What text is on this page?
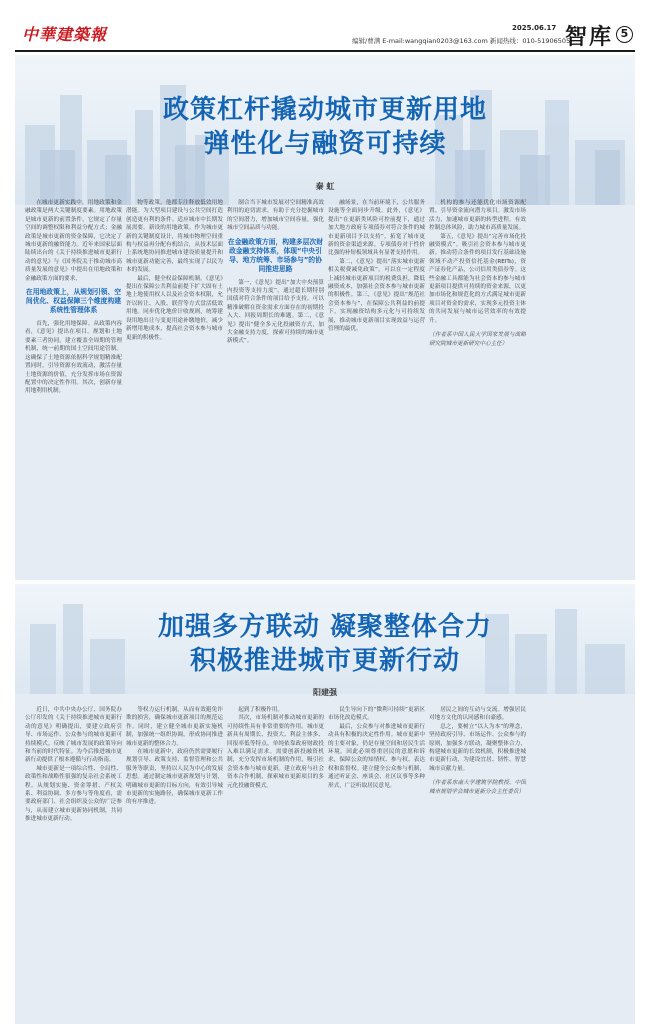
中華建築報	2025.06.17
编辑/曹满 E-mail:wangqian0203@163.com 新闻热线：010-51906505
智库 5
政策杠杆撬动城市更新用地
弹性化与融资可持续
秦 虹

在城市更新实践中，用地政策和金融政策是两大关键制度要素。用地政策是城市更新的前置条件，它规定了存量空间的调整权限和利益分配方式；金融政策是城市更新的资金保障，它决定了城市更新的融资能力。近年来国家层面陆续出台的《关于持续推进城市更新行动的意见》与《国务院关于推动城市高质量发展的意见》中提出在用地政策和金融政策方面的要求，

在用地政策上，从规划引领、空间优化、权益保障三个维度构建系统性管理体系

首先，强化用地保障。从政策内容看，《意见》提出在项目、规划和土地要素三者协同，建立覆盖全周期的管理机制，统一前期的国土空间用途管制。这确保了土地资源依据科学规划精准配置同时，引导资源有效流动，激活存量土地资源的价值，充分发挥市场在资源配置中的决定性作用。其次，创新存量用地利用机制。

物等政策。他都专注释放低效用地潜能。为大型项目建设与公共空间打造创造更有利的条件。适应城市中长期发展需要。新设的用地政策。作为城市更新的关键制度设计，将城市物理空间重构与权益再分配有机结合，从技术层面上系统地协同推进城市建设质量提升和城市更新功能完善，最终实现了以民为本的发展。

最后，健全权益保障机制。《意见》提出在保障公共利益前提下扩大固有土地上地使用权人以及社会资本权限，允许以转让、入股、联营等方式盘活低效用地。同步优化地价计收规则，统筹建设用地出让与变更用途补缴地价，减少新增用地成本，提高社会资本参与城市更新的积极性。

制合当下城市发展对空间精准高效利用的迫切需求，有助于充分挖掘城市的空间潜力，增加城市空间容量，强化城市空间品质与功能。

在金融政策方面，构建多层次财政金融支持体系，体现“中央引导、地方统筹、市场参与”的协同推进思路

第一，《意见》提出“加大中央预算内投资等支持力度”，通过超长期特别国债对符合条件的项目给予支持。可以精准破解在资金需求方面存在的初期投入大、回报周期长的难题。第二，《意见》提出“健全多元化投融资方式，加大金融支持力度，探索可持续的城市更新模式”。

融场景，在当前环境下，公共服务设施等全面同步升级。此外，《意见》提出“在更新类风险可控前提下，通过加大地方政府专项债券对符合条件的城市更新项目予以支持”，拓宽了城市更新的资金渠道来源。专项债券对于性价比强的补短板领域具有显著支持作用。

第二，《意见》提出“落实城市更新相关税费减免政策”。可以在一定程度上减轻城市更新项目的税费负担，降低融资成本，加强社会资本参与城市更新的积极性。第三，《意见》提出“规范社会资本参与”，在保障公共利益的前提下，实现融资结构多元化与可持续发展，推动城市更新项目实现效益与运营管理的最优。

机构的参与还能优化市场资源配置。引导资金流向潜力项目。激发市场活力，加速城市更新的转型进程。有效控制总体风险，助力城市高质量发展。

第五，《意见》提出“完善市场化投融资模式”。吸引社会资本参与城市更新。推动符合条件的项目发行基础设施领域不动产投资信托基金(REITs)，资产证券化产品，公司信用类债券等。这些金融工具都能为社会资本的参与城市更新项目提供可持续的资金来源，以更加市场化和规范化的方式满足城市更新项目对资金的需求，实现多元投资主体的共同发展与城市运营效率的有效提升。

（作者系中国人民大学国家发展与战略研究院城市更新研究中心主任）

加强多方联动 凝聚整体合力
积极推进城市更新行动
阳建强

近日，中共中央办公厅、国务院办公厅印发的《关于持续推进城市更新行动的意见》明确提出，要建立政府引导、市场运作、公众参与的城市更新可持续模式。反映了城市发展的政策导向和当前的时代特征。为今后推进城市更新行动提供了根本遵循与行动指南。

城市更新是一项综合性、全局性、政策性和战略性很强的复杂社会系统工程。从规划实施、资金筹措、产权关系、利益协调、多方参与等角度看，需要政府部门、社会组织及公众的广泛参与，从而建立城市更新协同机制，共同推进城市更新行动。

等权力运行机制，从而有效避免诈欺的损害，确保城市更新项目的规范运作。同时，建立健全城市更新实施机制，加强统一组织协调，形成协同推进城市更新的整体合力。

在城市更新中，政府仍然需要履行规划引导、政策支持、监督管理和公共服务等职责，坚持以人民为中心的发展思想。通过制定城市更新规划与计划，明确城市更新的目标方向，有效引导城市更新的实施路径，确保城市更新工作的有序推进。

起到了积极作用。

其次，市场机制对推动城市更新的可持续性具有非常重要的作用。城市更新具有周期长、投资大、利益主体多、回报率低等特点，单纯依靠政府财政投入难以满足需求。需要创新投融资机制，充分发挥市场机制的作用，吸引社会资本参与城市更新。建立政府与社会资本合作机制，探索城市更新项目的多元化投融资模式。

民生导向下的“微利可持续”更新区市场化改造模式。

最后，公众参与对推进城市更新行动具有积极的决定性作用。城市更新中的主要对象，仍是存量空间和居民生活环境，因此必须尊重居民的意愿和诉求，保障公众的知情权、参与权、表达权和监督权。建立健全公众参与机制，通过听证会、座谈会、社区议事等多种形式，广泛听取居民意见。

居民之间的互动与交流。增强居民对地方文化的认同感和自豪感。

总之，要树立“以人为本”的理念，坚持政府引导、市场运作、公众参与的原则，加强多方联动，凝聚整体合力，构建城市更新的长效机制，积极推进城市更新行动，为建设宜居、韧性、智慧城市贡献力量。

（作者系东南大学建筑学院教授、中国城市规划学会城市更新分会主任委员）
